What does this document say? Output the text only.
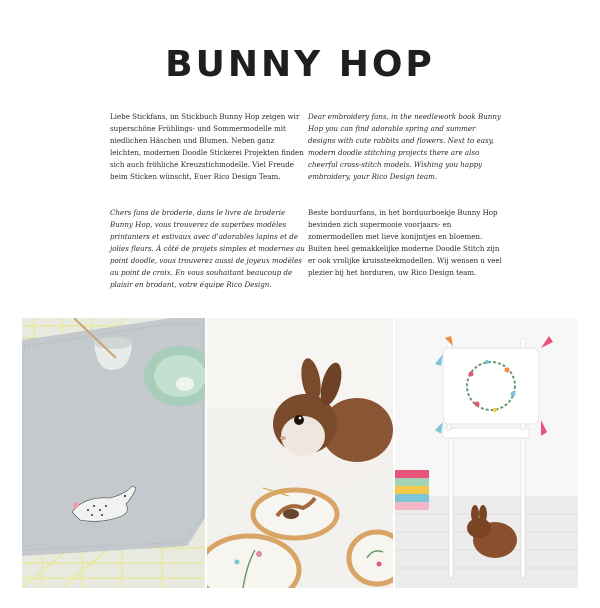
BUNNY HOP
Liebe Stickfans, im Stickbuch Bunny Hop zeigen wir superschöne Frühlings- und Sommermodelle mit niedlichen Häschen und Blumen. Neben ganz leichten, modernen Doodle Stickerei Projekten finden sich auch fröhliche Kreuzstichmodelle. Viel Freude beim Sticken wünscht, Euer Rico Design Team.
Dear embroidery fans, in the needlework book Bunny Hop you can find adorable spring and summer designs with cute rabbits and flowers. Next to easy, modern doodle stitching projects there are also cheerful cross-stitch models. Wishing you happy embroidery, your Rico Design team.
Chers fans de broderie, dans le livre de broderie Bunny Hop, vous trouverez de superbes modèles printaniers et estivaux avec d'adorables lapins et de jolies fleurs. À côté de projets simples et modernes au point doodle, vous trouverez aussi de joyeux modèles au point de croix. En vous souhaitant beaucoup de plaisir en brodant, votre équipe Rico Design.
Beste borduurfans, in het borduurboekje Bunny Hop bevinden zich supermooie voorjaars- en zomermodellen met lieve konijntjes en bloemen. Buiten heel gemakkelijke moderne Doodle Stitch zijn er ook vrolijke kruissteekmodellen. Wij wensen u veel plezier bij het borduren, uw Rico Design team.
